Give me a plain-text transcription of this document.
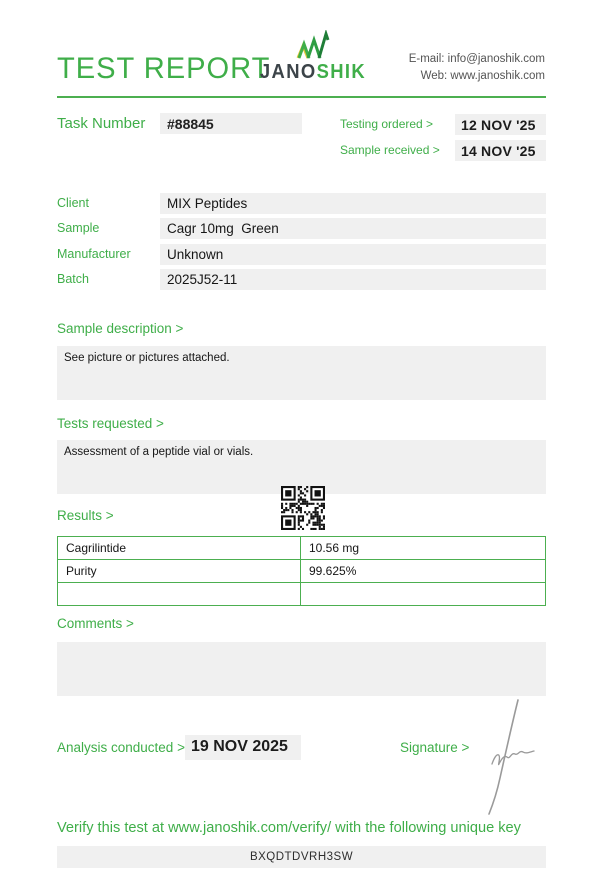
TEST REPORT
JANOSHIK
E-mail: info@janoshik.com
Web: www.janoshik.com
Task Number	#88845	Testing ordered >	12 NOV '25
Sample received >	14 NOV '25
Client	MIX Peptides
Sample	Cagr 10mg  Green
Manufacturer	Unknown
Batch	2025J52-11
Sample description >
See picture or pictures attached.
Tests requested >
Assessment of a peptide vial or vials.
Results >
Cagrilintide	10.56 mg
Purity	99.625%
Comments >
Analysis conducted > 19 NOV 2025	Signature >
Verify this test at www.janoshik.com/verify/ with the following unique key
BXQDTDVRH3SW
